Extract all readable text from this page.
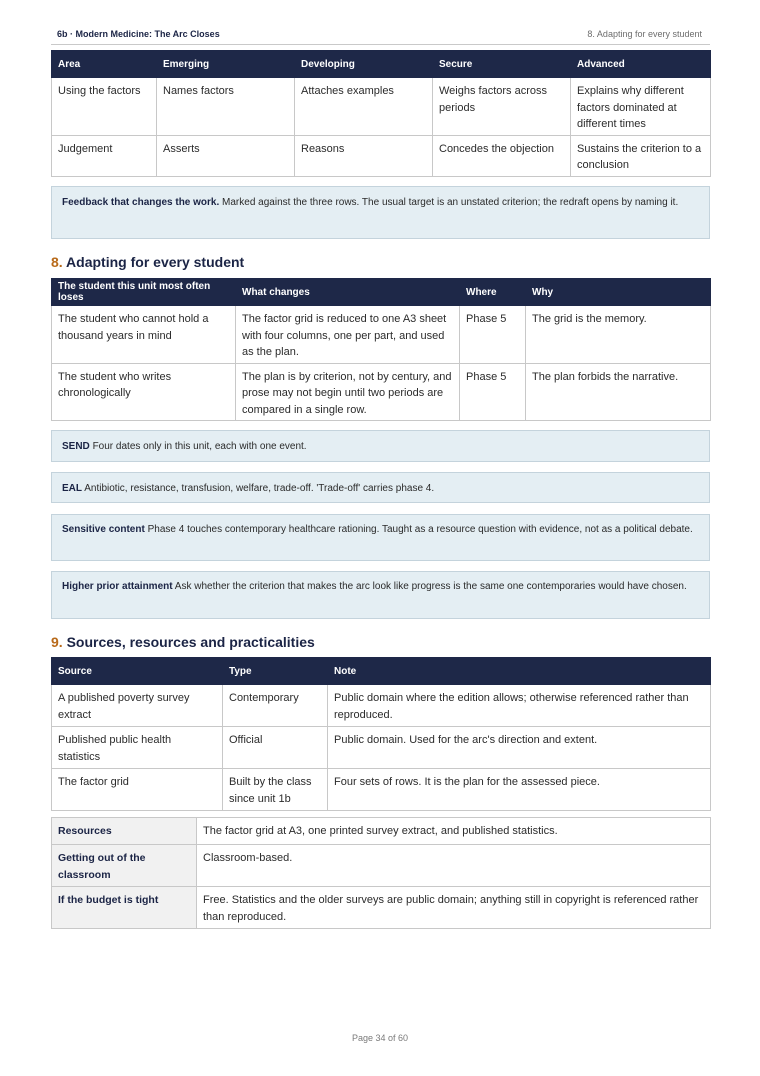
6b · Modern Medicine: The Arc Closes	8. Adapting for every student
Area	Emerging	Developing	Secure	Advanced
Using the factors	Names factors	Attaches examples	Weighs factors across periods	Explains why different factors dominated at different times
Judgement	Asserts	Reasons	Concedes the objection	Sustains the criterion to a conclusion
Feedback that changes the work. Marked against the three rows. The usual target is an unstated criterion; the redraft opens by naming it.
8. Adapting for every student
The student this unit most often loses	What changes	Where	Why
The student who cannot hold a thousand years in mind	The factor grid is reduced to one A3 sheet with four columns, one per part, and used as the plan.	Phase 5	The grid is the memory.
The student who writes chronologically	The plan is by criterion, not by century, and prose may not begin until two periods are compared in a single row.	Phase 5	The plan forbids the narrative.
SEND Four dates only in this unit, each with one event.
EAL Antibiotic, resistance, transfusion, welfare, trade-off. 'Trade-off' carries phase 4.
Sensitive content Phase 4 touches contemporary healthcare rationing. Taught as a resource question with evidence, not as a political debate.
Higher prior attainment Ask whether the criterion that makes the arc look like progress is the same one contemporaries would have chosen.
9. Sources, resources and practicalities
Source	Type	Note
A published poverty survey extract	Contemporary	Public domain where the edition allows; otherwise referenced rather than reproduced.
Published public health statistics	Official	Public domain. Used for the arc's direction and extent.
The factor grid	Built by the class since unit 1b	Four sets of rows. It is the plan for the assessed piece.
Resources	The factor grid at A3, one printed survey extract, and published statistics.
Getting out of the classroom	Classroom-based.
If the budget is tight	Free. Statistics and the older surveys are public domain; anything still in copyright is referenced rather than reproduced.
Page 34 of 60
